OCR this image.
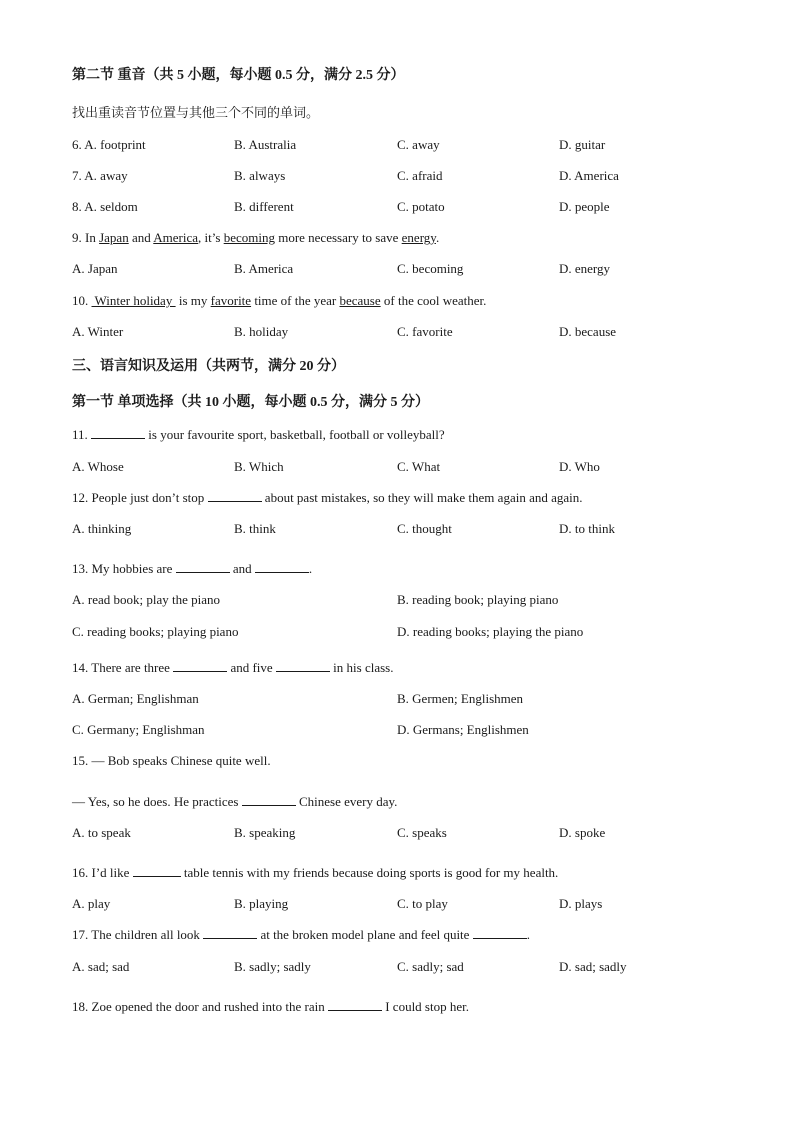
第二节 重音（共 5 小题，每小题 0.5 分，满分 2.5 分）
找出重读音节位置与其他三个不同的单词。
6. A. footprint	B. Australia	C. away	D. guitar
7. A. away	B. always	C. afraid	D. America
8. A. seldom	B. different	C. potato	D. people
9. In Japan and America, it’s becoming more necessary to save energy.
A. Japan	B. America	C. becoming	D. energy
10.  Winter holiday  is my favorite time of the year because of the cool weather.
A. Winter	B. holiday	C. favorite	D. because
三、语言知识及运用（共两节，满分 20 分）
第一节 单项选择（共 10 小题，每小题 0.5 分，满分 5 分）
11.	is your favourite sport, basketball, football or volleyball?
A. Whose	B. Which	C. What	D. Who
12. People just don’t stop	about past mistakes, so they will make them again and again.
A. thinking	B. think	C. thought	D. to think
13. My hobbies are	and	.
A. read book; play the piano	B. reading book; playing piano
C. reading books; playing piano	D. reading books; playing the piano
14. There are three	and five	in his class.
A. German; Englishman	B. Germen; Englishmen
C. Germany; Englishman	D. Germans; Englishmen
15. — Bob speaks Chinese quite well.
— Yes, so he does. He practices	Chinese every day.
A. to speak	B. speaking	C. speaks	D. spoke
16. I’d like	table tennis with my friends because doing sports is good for my health.
A. play	B. playing	C. to play	D. plays
17. The children all look	at the broken model plane and feel quite	.
A. sad; sad	B. sadly; sadly	C. sadly; sad	D. sad; sadly
18. Zoe opened the door and rushed into the rain	I could stop her.
